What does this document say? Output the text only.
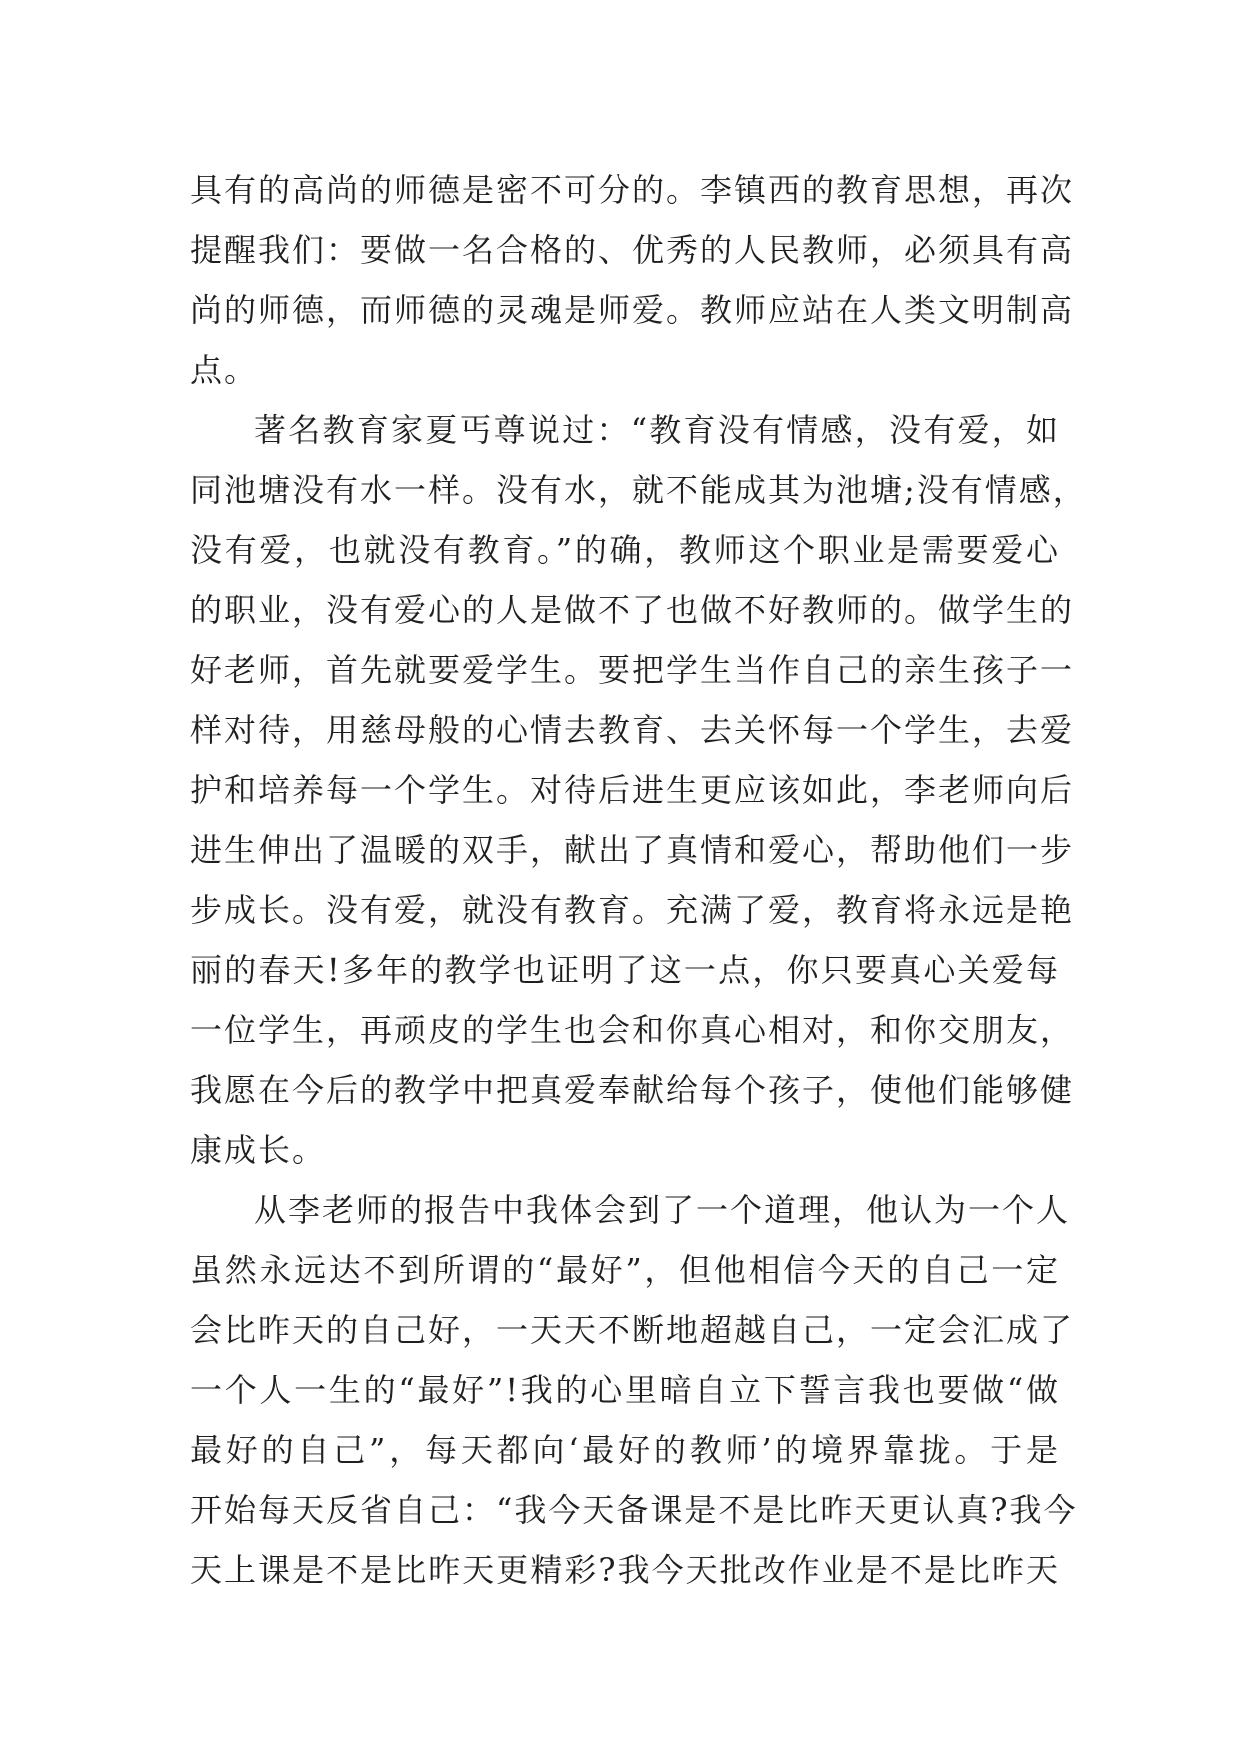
具有的高尚的师德是密不可分的。李镇西的教育思想，再次
提醒我们：要做一名合格的、优秀的人民教师，必须具有高
尚的师德，而师德的灵魂是师爱。教师应站在人类文明制高
点。
著名教育家夏丐尊说过：“教育没有情感，没有爱，如
同池塘没有水一样。没有水，就不能成其为池塘;没有情感，
没有爱，也就没有教育。”的确，教师这个职业是需要爱心
的职业，没有爱心的人是做不了也做不好教师的。做学生的
好老师，首先就要爱学生。要把学生当作自己的亲生孩子一
样对待，用慈母般的心情去教育、去关怀每一个学生，去爱
护和培养每一个学生。对待后进生更应该如此，李老师向后
进生伸出了温暖的双手，献出了真情和爱心，帮助他们一步
步成长。没有爱，就没有教育。充满了爱，教育将永远是艳
丽的春天!多年的教学也证明了这一点，你只要真心关爱每
一位学生，再顽皮的学生也会和你真心相对，和你交朋友，
我愿在今后的教学中把真爱奉献给每个孩子，使他们能够健
康成长。
从李老师的报告中我体会到了一个道理，他认为一个人
虽然永远达不到所谓的“最好”，但他相信今天的自己一定
会比昨天的自己好，一天天不断地超越自己，一定会汇成了
一个人一生的“最好”!我的心里暗自立下誓言我也要做“做
最好的自己”，每天都向‘最好的教师’的境界靠拢。于是
开始每天反省自己：“我今天备课是不是比昨天更认真?我今
天上课是不是比昨天更精彩?我今天批改作业是不是比昨天
